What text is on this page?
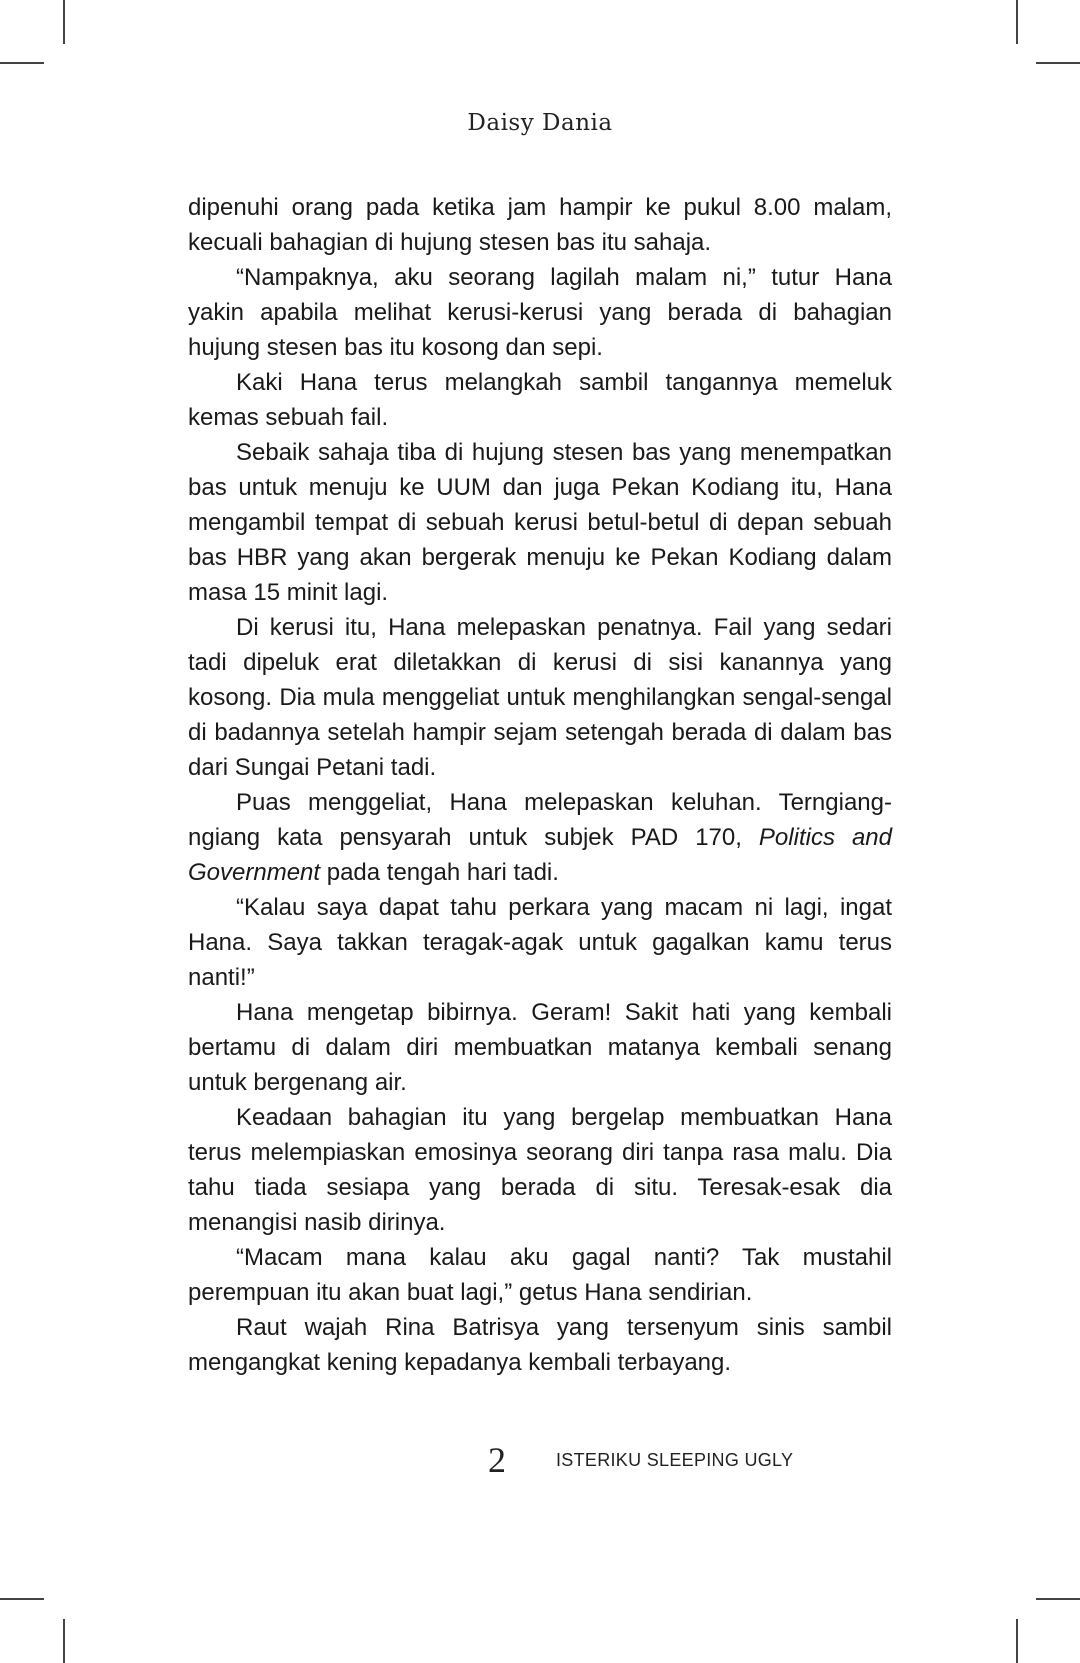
Daisy Dania

dipenuhi orang pada ketika jam hampir ke pukul 8.00 malam, kecuali bahagian di hujung stesen bas itu sahaja.

“Nampaknya, aku seorang lagilah malam ni,” tutur Hana yakin apabila melihat kerusi-kerusi yang berada di bahagian hujung stesen bas itu kosong dan sepi.

Kaki Hana terus melangkah sambil tangannya memeluk kemas sebuah fail.

Sebaik sahaja tiba di hujung stesen bas yang menempatkan bas untuk menuju ke UUM dan juga Pekan Kodiang itu, Hana mengambil tempat di sebuah kerusi betul-betul di depan sebuah bas HBR yang akan bergerak menuju ke Pekan Kodiang dalam masa 15 minit lagi.

Di kerusi itu, Hana melepaskan penatnya. Fail yang sedari tadi dipeluk erat diletakkan di kerusi di sisi kanannya yang kosong. Dia mula menggeliat untuk menghilangkan sengal-sengal di badannya setelah hampir sejam setengah berada di dalam bas dari Sungai Petani tadi.

Puas menggeliat, Hana melepaskan keluhan. Terngiang-ngiang kata pensyarah untuk subjek PAD 170, Politics and Government pada tengah hari tadi.

“Kalau saya dapat tahu perkara yang macam ni lagi, ingat Hana. Saya takkan teragak-agak untuk gagalkan kamu terus nanti!”

Hana mengetap bibirnya. Geram! Sakit hati yang kembali bertamu di dalam diri membuatkan matanya kembali senang untuk bergenang air.

Keadaan bahagian itu yang bergelap membuatkan Hana terus melempiaskan emosinya seorang diri tanpa rasa malu. Dia tahu tiada sesiapa yang berada di situ. Teresak-esak dia menangisi nasib dirinya.

“Macam mana kalau aku gagal nanti? Tak mustahil perempuan itu akan buat lagi,” getus Hana sendirian.

Raut wajah Rina Batrisya yang tersenyum sinis sambil mengangkat kening kepadanya kembali terbayang.

2	ISTERIKU SLEEPING UGLY
